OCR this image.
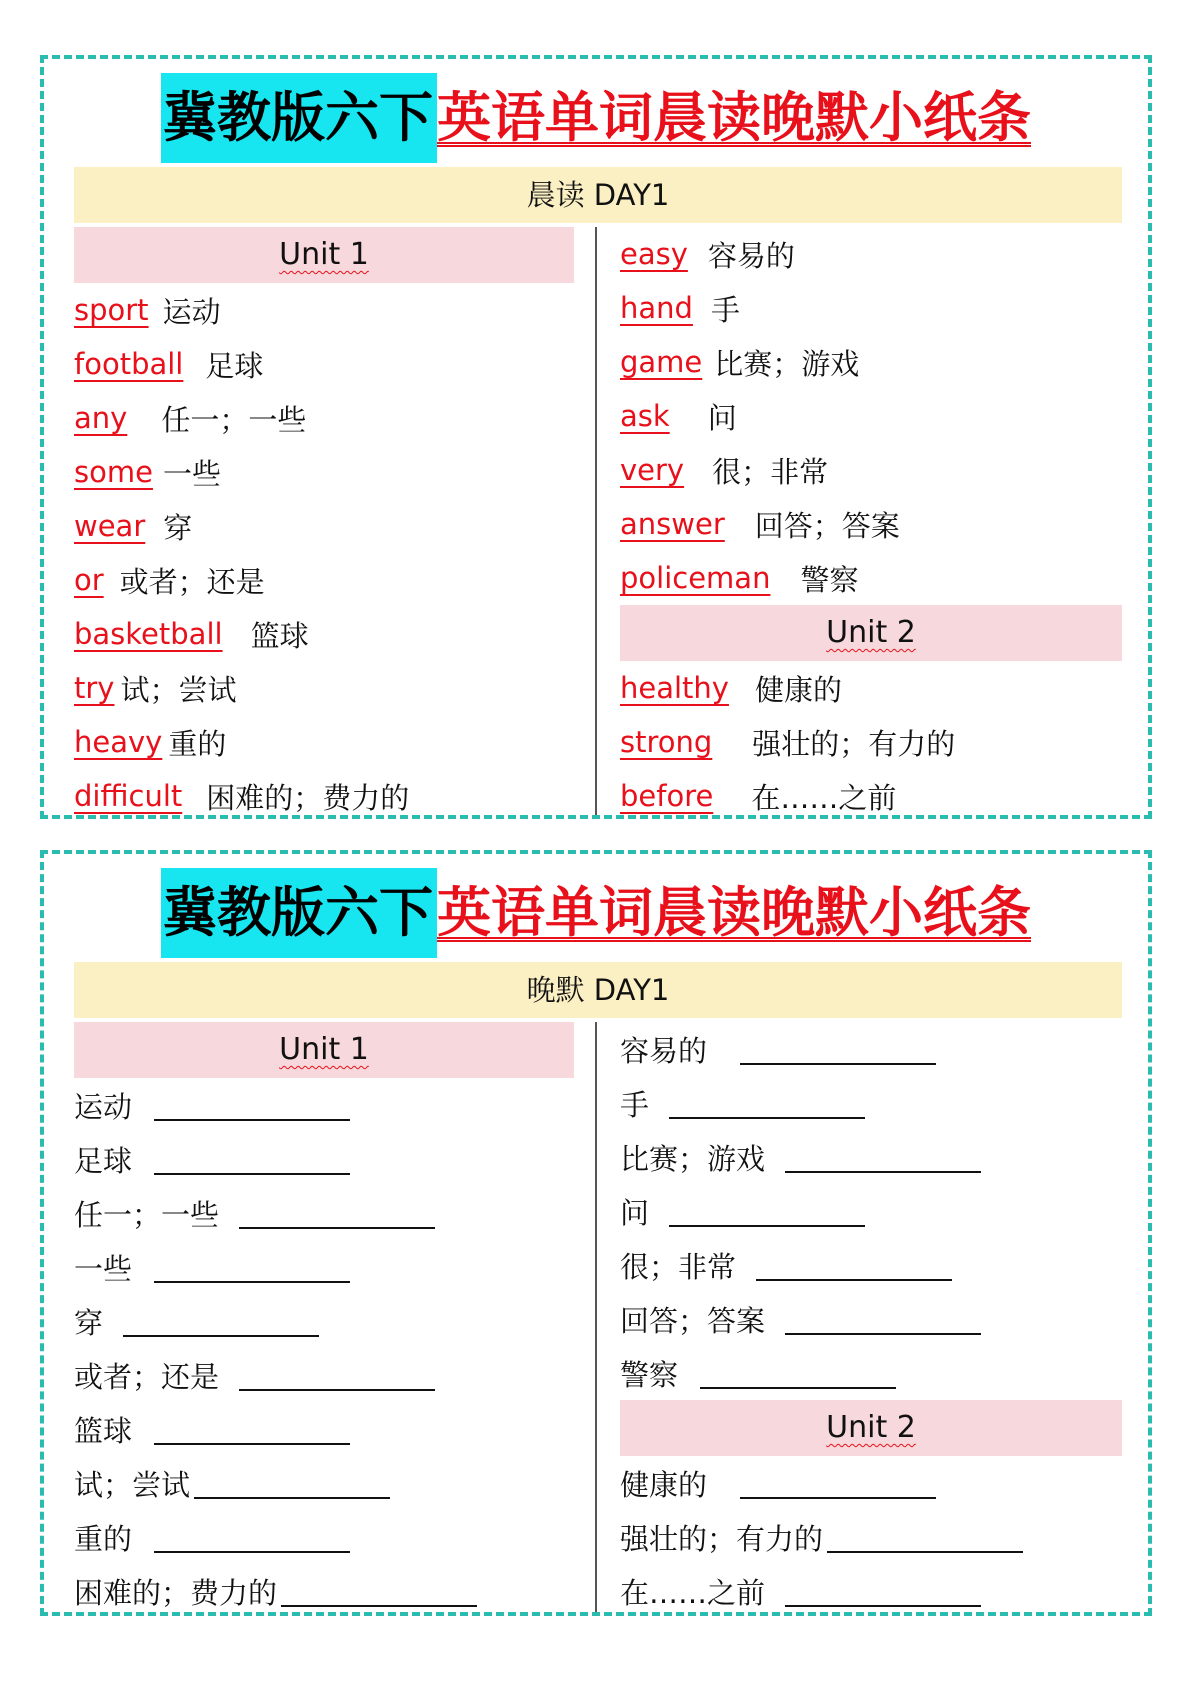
冀教版六下英语单词晨读晚默小纸条
晨读 DAY1
Unit 1
sport 运动
football 足球
any 任一；一些
some 一些
wear 穿
or 或者；还是
basketball 篮球
try 试；尝试
heavy 重的
difficult 困难的；费力的
easy 容易的
hand 手
game 比赛；游戏
ask 问
very 很；非常
answer 回答；答案
policeman 警察
Unit 2
healthy 健康的
strong 强壮的；有力的
before 在……之前
冀教版六下英语单词晨读晚默小纸条
晚默 DAY1
Unit 1
运动
足球
任一；一些
一些
穿
或者；还是
篮球
试；尝试
重的
困难的；费力的
容易的
手
比赛；游戏
问
很；非常
回答；答案
警察
Unit 2
健康的
强壮的；有力的
在……之前
